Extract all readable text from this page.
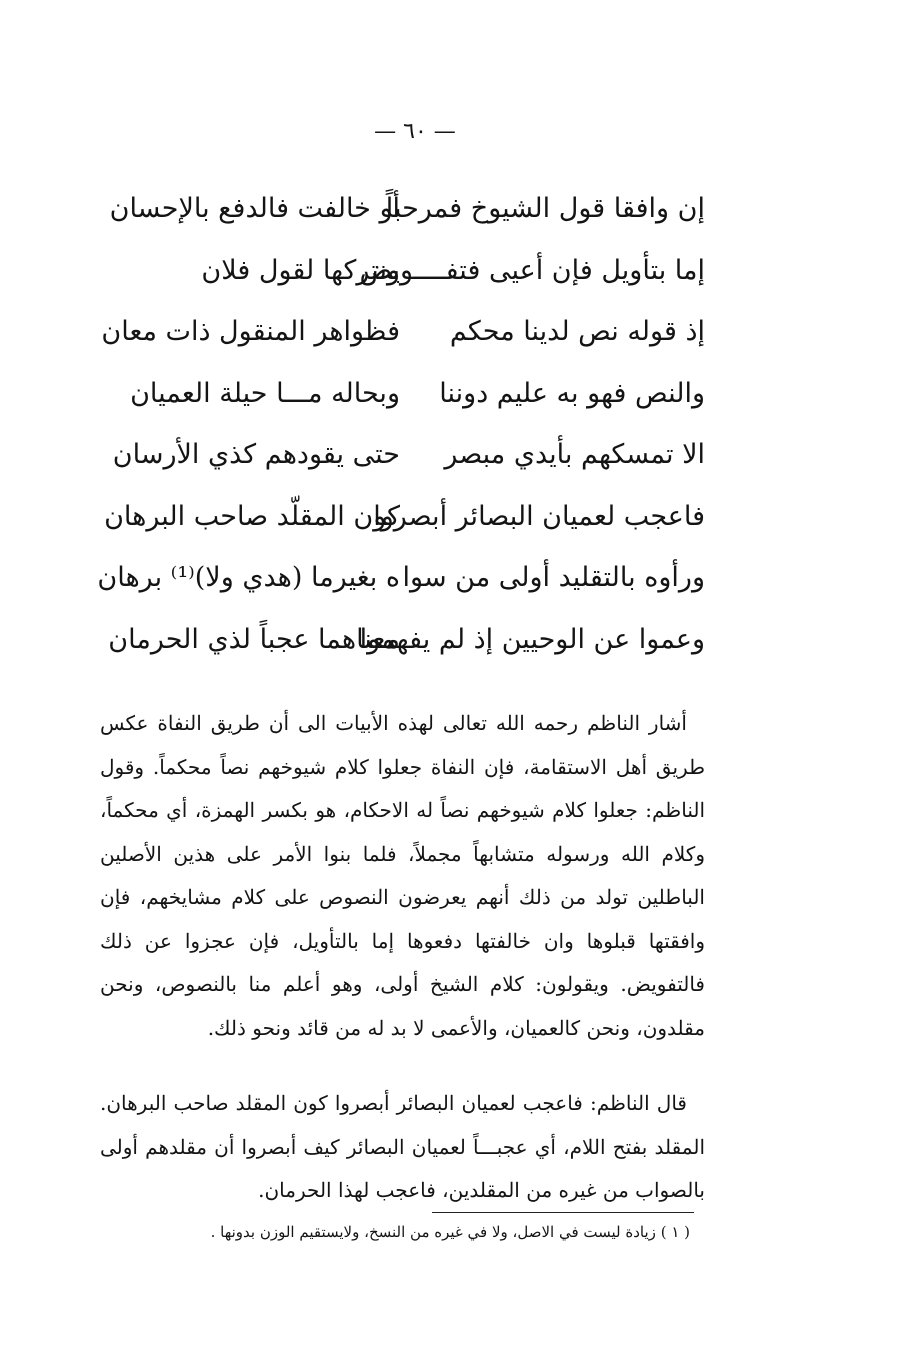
— ٦٠ —
إن وافقا قول الشيوخ فمرحباً
أو خالفت فالدفع بالإحسان
إما بتأويل فإن أعيى فتفــــويض
ونتركها لقول فلان
إذ قوله نص لدينا محكم
فظواهر المنقول ذات معان
والنص فهو به عليم دوننا
وبحاله مـــا حيلة العميان
الا تمسكهم بأيدي مبصر
حتى يقودهم كذي الأرسان
فاعجب لعميان البصائر أبصروا
كون المقلّد صاحب البرهان
ورأوه بالتقليد أولى من سوا
ه بغيرما (هدي ولا)⁽¹⁾ برهان
وعموا عن الوحيين إذ لم يفهموا
معناهما عجباً لذي الحرمان

أشار الناظم رحمه الله تعالى لهذه الأبيات الى أن طريق النفاة عكس طريق أهل الاستقامة، فإن النفاة جعلوا كلام شيوخهم نصاً محكماً. وقول الناظم: جعلوا كلام شيوخهم نصاً له الاحكام، هو بكسر الهمزة، أي محكماً، وكلام الله ورسوله متشابهاً مجملاً، فلما بنوا الأمر على هذين الأصلين الباطلين تولد من ذلك أنهم يعرضون النصوص على كلام مشايخهم، فإن وافقتها قبلوها وان خالفتها دفعوها إما بالتأويل، فإن عجزوا عن ذلك فالتفويض. ويقولون: كلام الشيخ أولى، وهو أعلم منا بالنصوص، ونحن مقلدون، ونحن كالعميان، والأعمى لا بد له من قائد ونحو ذلك.

قال الناظم: فاعجب لعميان البصائر أبصروا كون المقلد صاحب البرهان. المقلد بفتح اللام، أي عجبـــاً لعميان البصائر كيف أبصروا أن مقلدهم أولى بالصواب من غيره من المقلدين، فاعجب لهذا الحرمان.

( ١ ) زيادة ليست في الاصل، ولا في غيره من النسخ، ولايستقيم الوزن بدونها .
